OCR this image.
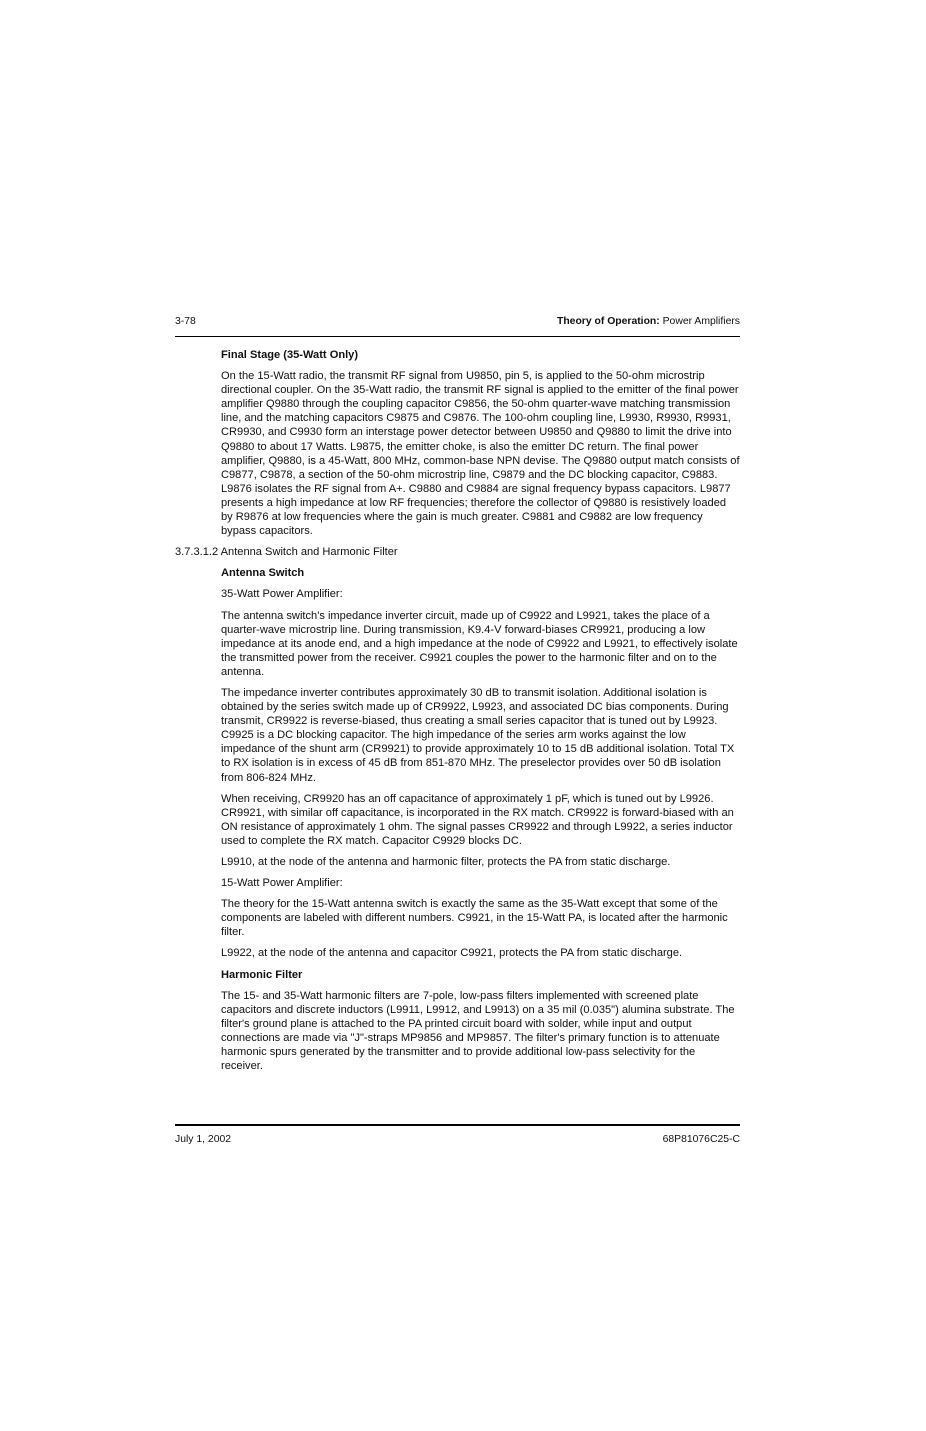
3-78	Theory of Operation: Power Amplifiers
Final Stage (35-Watt Only)

On the 15-Watt radio, the transmit RF signal from U9850, pin 5, is applied to the 50-ohm microstrip directional coupler. On the 35-Watt radio, the transmit RF signal is applied to the emitter of the final power amplifier Q9880 through the coupling capacitor C9856, the 50-ohm quarter-wave matching transmission line, and the matching capacitors C9875 and C9876. The 100-ohm coupling line, L9930, R9930, R9931, CR9930, and C9930 form an interstage power detector between U9850 and Q9880 to limit the drive into Q9880 to about 17 Watts. L9875, the emitter choke, is also the emitter DC return. The final power amplifier, Q9880, is a 45-Watt, 800 MHz, common-base NPN devise. The Q9880 output match consists of C9877, C9878, a section of the 50-ohm microstrip line, C9879 and the DC blocking capacitor, C9883. L9876 isolates the RF signal from A+. C9880 and C9884 are signal frequency bypass capacitors. L9877 presents a high impedance at low RF frequencies; therefore the collector of Q9880 is resistively loaded by R9876 at low frequencies where the gain is much greater. C9881 and C9882 are low frequency bypass capacitors.

3.7.3.1.2 Antenna Switch and Harmonic Filter
Antenna Switch

35-Watt Power Amplifier:

The antenna switch's impedance inverter circuit, made up of C9922 and L9921, takes the place of a quarter-wave microstrip line. During transmission, K9.4-V forward-biases CR9921, producing a low impedance at its anode end, and a high impedance at the node of C9922 and L9921, to effectively isolate the transmitted power from the receiver. C9921 couples the power to the harmonic filter and on to the antenna.

The impedance inverter contributes approximately 30 dB to transmit isolation. Additional isolation is obtained by the series switch made up of CR9922, L9923, and associated DC bias components. During transmit, CR9922 is reverse-biased, thus creating a small series capacitor that is tuned out by L9923. C9925 is a DC blocking capacitor. The high impedance of the series arm works against the low impedance of the shunt arm (CR9921) to provide approximately 10 to 15 dB additional isolation. Total TX to RX isolation is in excess of 45 dB from 851-870 MHz. The preselector provides over 50 dB isolation from 806-824 MHz.

When receiving, CR9920 has an off capacitance of approximately 1 pF, which is tuned out by L9926. CR9921, with similar off capacitance, is incorporated in the RX match. CR9922 is forward-biased with an ON resistance of approximately 1 ohm. The signal passes CR9922 and through L9922, a series inductor used to complete the RX match. Capacitor C9929 blocks DC.

L9910, at the node of the antenna and harmonic filter, protects the PA from static discharge.

15-Watt Power Amplifier:

The theory for the 15-Watt antenna switch is exactly the same as the 35-Watt except that some of the components are labeled with different numbers. C9921, in the 15-Watt PA, is located after the harmonic filter.

L9922, at the node of the antenna and capacitor C9921, protects the PA from static discharge.

Harmonic Filter

The 15- and 35-Watt harmonic filters are 7-pole, low-pass filters implemented with screened plate capacitors and discrete inductors (L9911, L9912, and L9913) on a 35 mil (0.035") alumina substrate. The filter's ground plane is attached to the PA printed circuit board with solder, while input and output connections are made via "J"-straps MP9856 and MP9857. The filter's primary function is to attenuate harmonic spurs generated by the transmitter and to provide additional low-pass selectivity for the receiver.

July 1, 2002	68P81076C25-C
